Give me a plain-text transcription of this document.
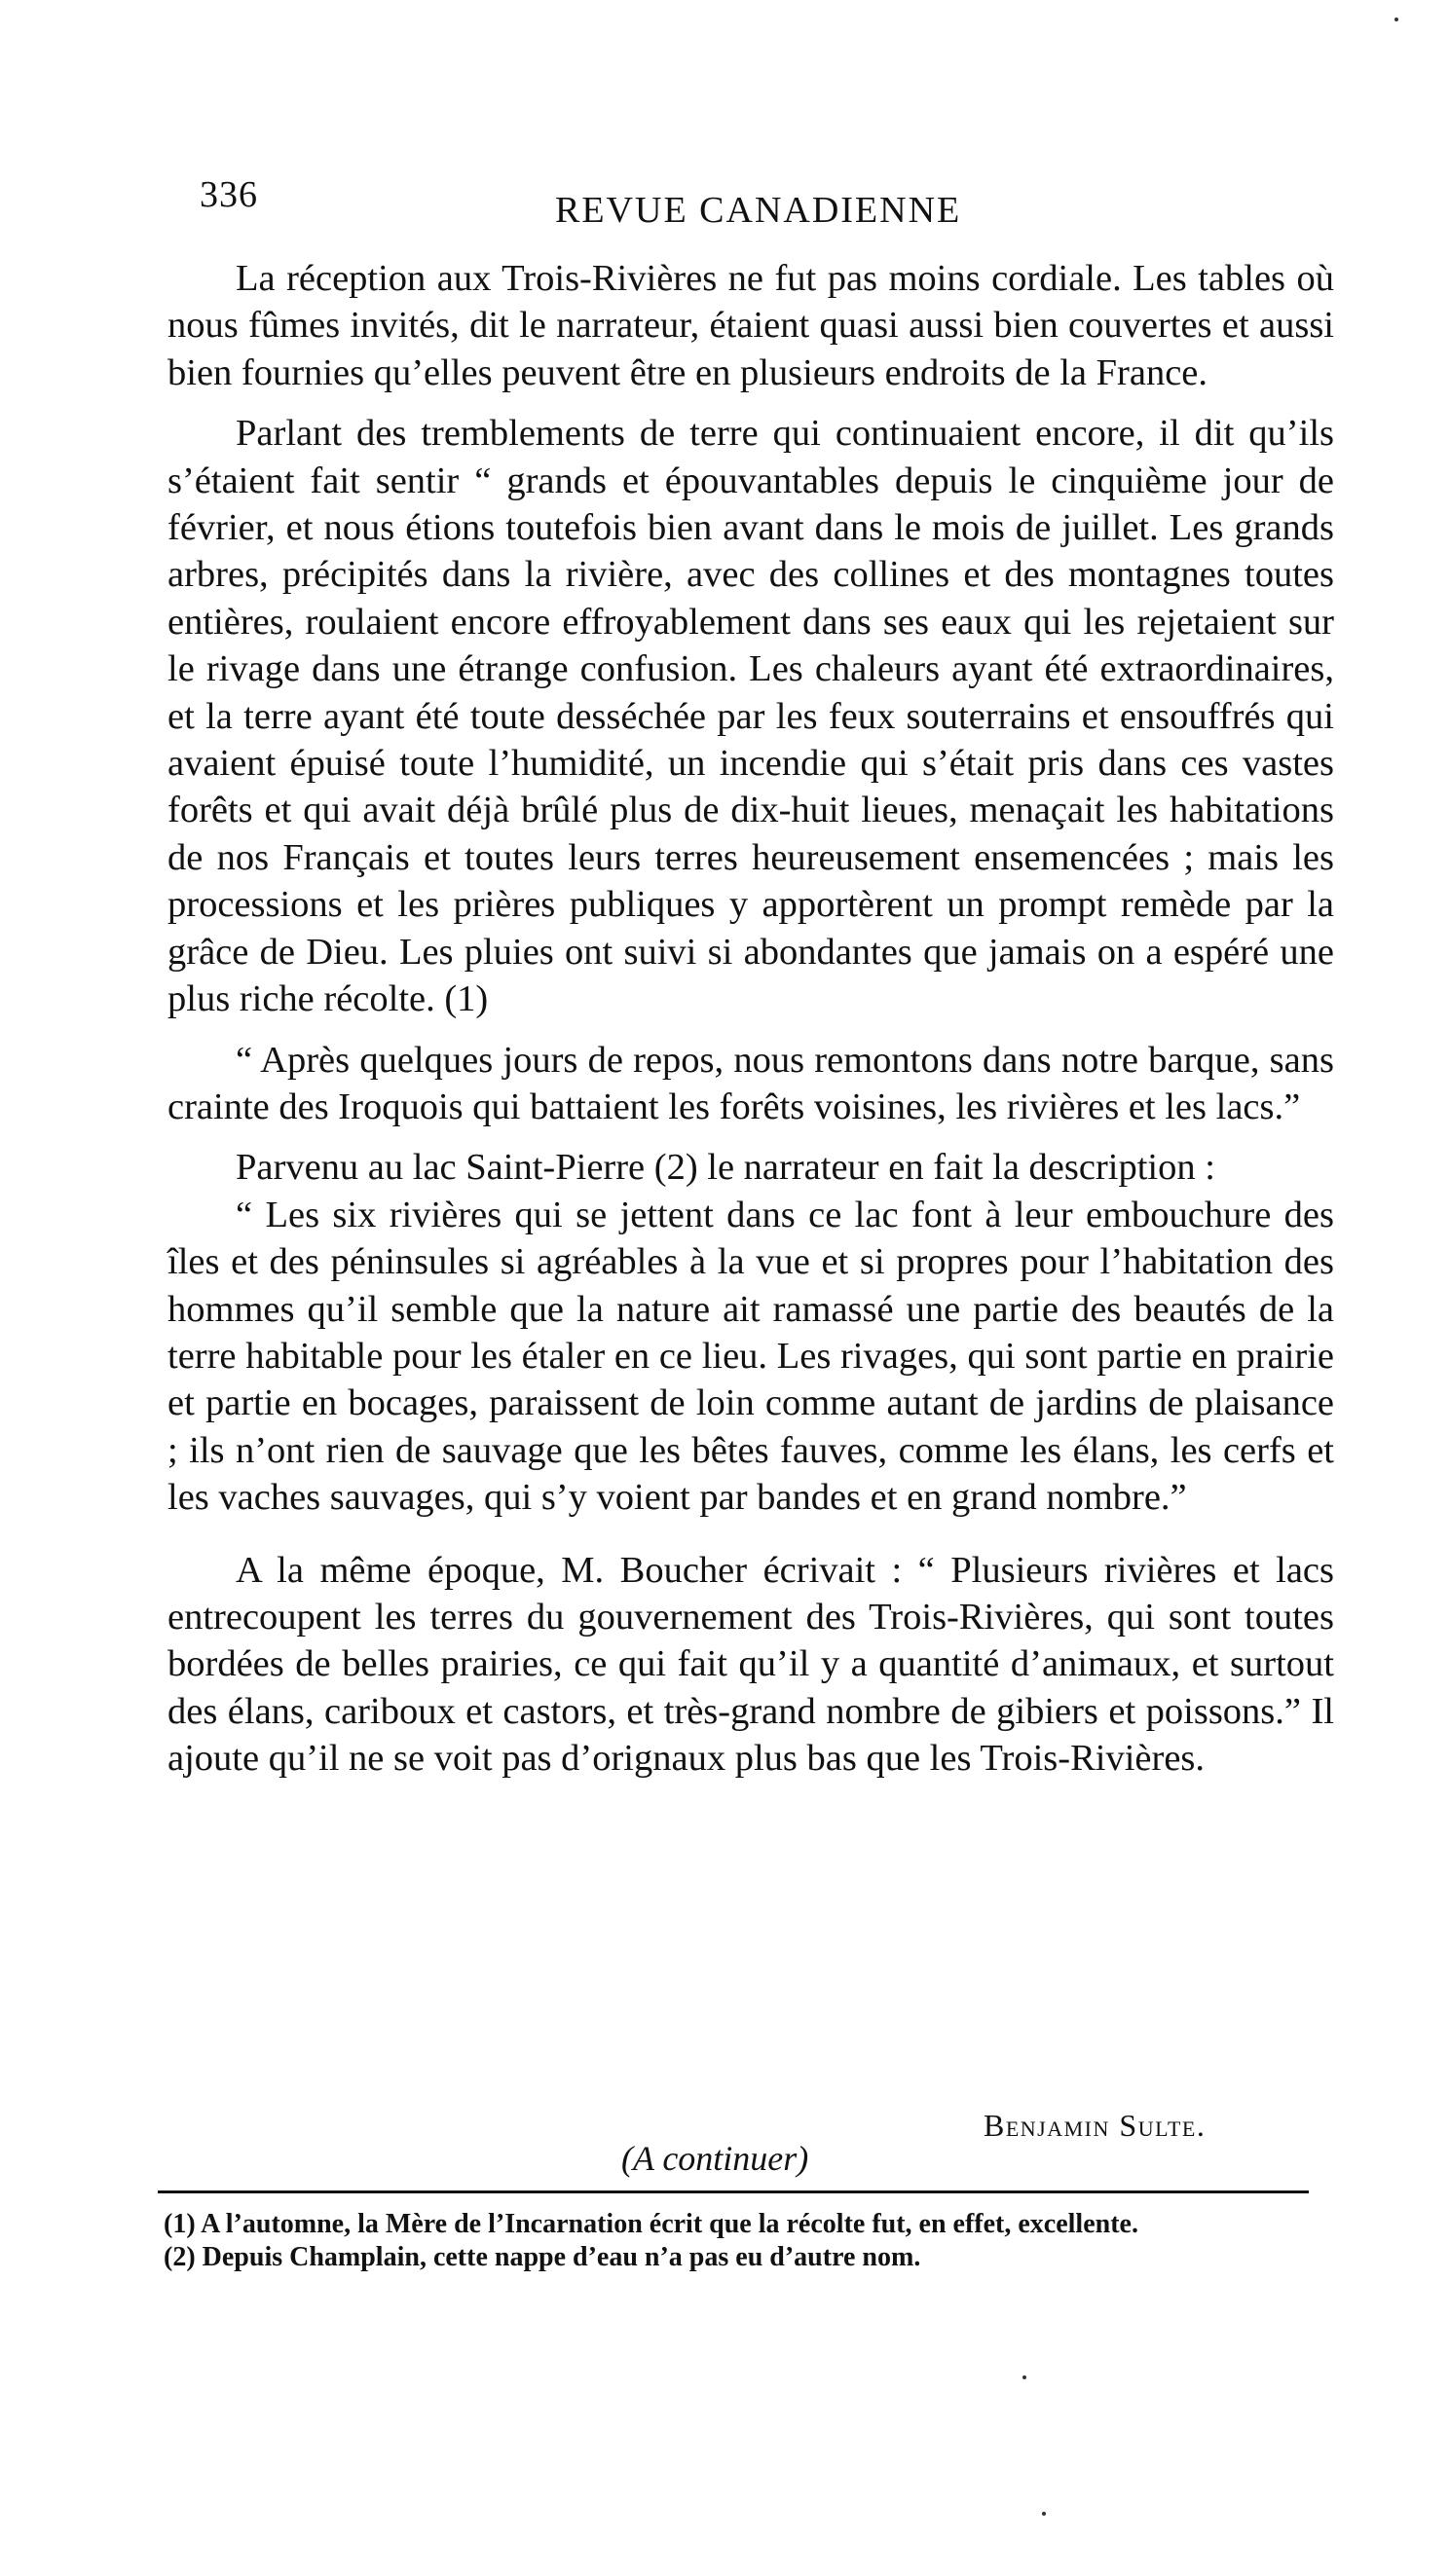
336	REVUE CANADIENNE

La réception aux Trois-Rivières ne fut pas moins cordiale. Les tables où nous fûmes invités, dit le narrateur, étaient quasi aussi bien couvertes et aussi bien fournies qu’elles peuvent être en plusieurs endroits de la France.

Parlant des tremblements de terre qui continuaient encore, il dit qu’ils s’étaient fait sentir “ grands et épouvantables depuis le cinquième jour de février, et nous étions toutefois bien avant dans le mois de juillet. Les grands arbres, précipités dans la rivière, avec des collines et des montagnes toutes entières, roulaient encore effroyablement dans ses eaux qui les rejetaient sur le rivage dans une étrange confusion. Les chaleurs ayant été extraordinaires, et la terre ayant été toute desséchée par les feux souterrains et ensouffrés qui avaient épuisé toute l’humidité, un incendie qui s’était pris dans ces vastes forêts et qui avait déjà brûlé plus de dix-huit lieues, menaçait les habitations de nos Français et toutes leurs terres heureusement ensemencées ; mais les processions et les prières publiques y apportèrent un prompt remède par la grâce de Dieu. Les pluies ont suivi si abondantes que jamais on a espéré une plus riche récolte. (1)

“ Après quelques jours de repos, nous remontons dans notre barque, sans crainte des Iroquois qui battaient les forêts voisines, les rivières et les lacs.”

Parvenu au lac Saint-Pierre (2) le narrateur en fait la description :

“ Les six rivières qui se jettent dans ce lac font à leur embouchure des îles et des péninsules si agréables à la vue et si propres pour l’habitation des hommes qu’il semble que la nature ait ramassé une partie des beautés de la terre habitable pour les étaler en ce lieu. Les rivages, qui sont partie en prairie et partie en bocages, paraissent de loin comme autant de jardins de plaisance ; ils n’ont rien de sauvage que les bêtes fauves, comme les élans, les cerfs et les vaches sauvages, qui s’y voient par bandes et en grand nombre.”

A la même époque, M. Boucher écrivait : “ Plusieurs rivières et lacs entrecoupent les terres du gouvernement des Trois-Rivières, qui sont toutes bordées de belles prairies, ce qui fait qu’il y a quantité d’animaux, et surtout des élans, cariboux et castors, et très-grand nombre de gibiers et poissons.” Il ajoute qu’il ne se voit pas d’orignaux plus bas que les Trois-Rivières.

Benjamin Sulte.
(A continuer)
(1) A l’automne, la Mère de l’Incarnation écrit que la récolte fut, en effet, excellente.
(2) Depuis Champlain, cette nappe d’eau n’a pas eu d’autre nom.
